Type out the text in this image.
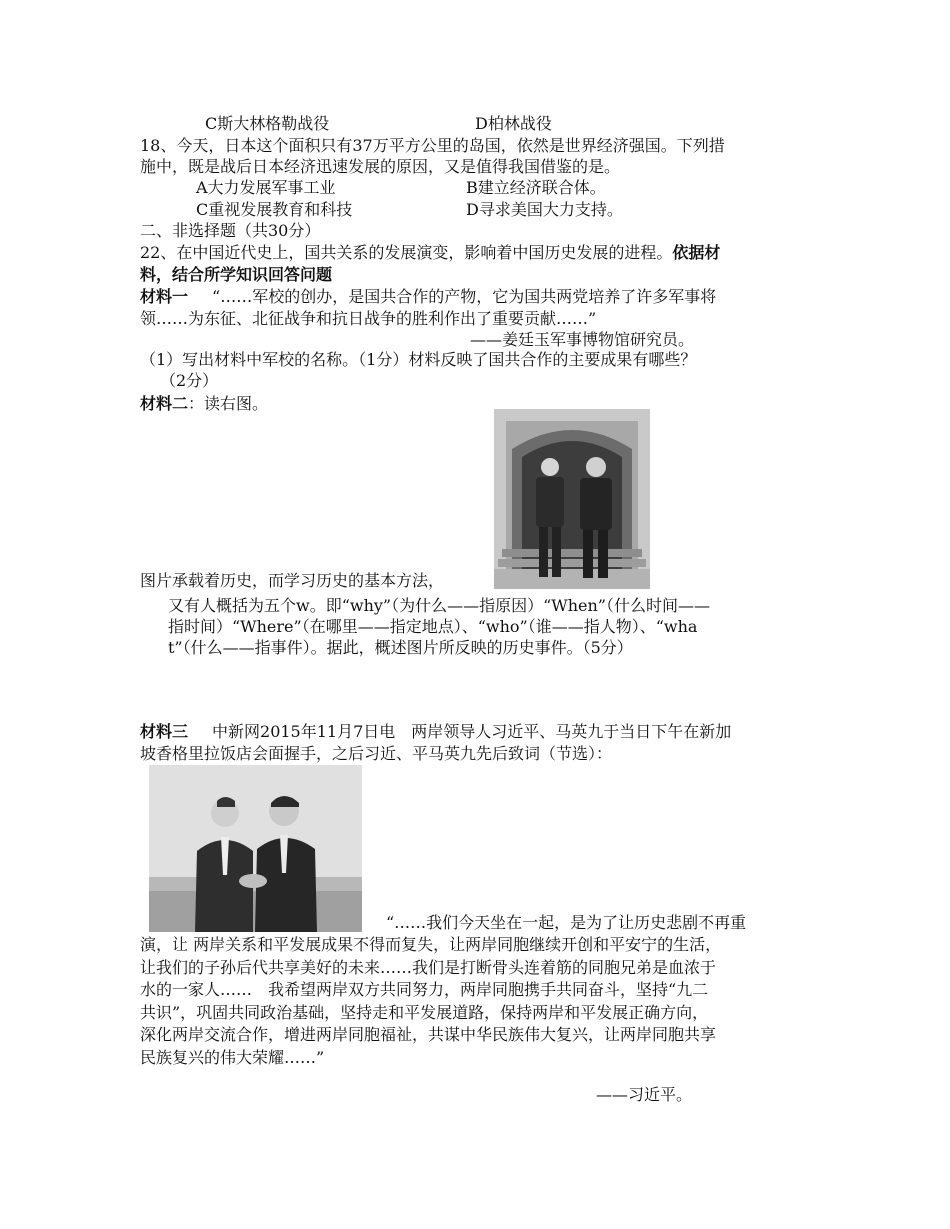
C斯大林格勒战役	D柏林战役
18、今天，日本这个面积只有37万平方公里的岛国，依然是世界经济强国。下列措
施中，既是战后日本经济迅速发展的原因，又是值得我国借鉴的是。
A大力发展军事工业	B建立经济联合体。
C重视发展教育和科技	D寻求美国大力支持。
二、非选择题（共30分）
22、在中国近代史上，国共关系的发展演变，影响着中国历史发展的进程。依据材
料，结合所学知识回答问题
材料一 “……军校的创办，是国共合作的产物，它为国共两党培养了许多军事将
领……为东征、北征战争和抗日战争的胜利作出了重要贡献……”
——姜廷玉军事博物馆研究员。
（1）写出材料中军校的名称。（1分）材料反映了国共合作的主要成果有哪些？
（2分）
材料二：读右图。
图片承载着历史，而学习历史的基本方法，
又有人概括为五个w。即“why”（为什么——指原因）“When”（什么时间——
指时间）“Where”（在哪里——指定地点）、“who”（谁——指人物）、“wha
t”（什么——指事件）。据此，概述图片所反映的历史事件。（5分）
材料三 中新网2015年11月7日电　两岸领导人习近平、马英九于当日下午在新加
坡香格里拉饭店会面握手，之后习近、平马英九先后致词（节选）：
“……我们今天坐在一起，是为了让历史悲剧不再重
演，让 两岸关系和平发展成果不得而复失，让两岸同胞继续开创和平安宁的生活，
让我们的子孙后代共享美好的未来……我们是打断骨头连着筋的同胞兄弟是血浓于
水的一家人……　我希望两岸双方共同努力，两岸同胞携手共同奋斗，坚持“九二
共识”，巩固共同政治基础，坚持走和平发展道路，保持两岸和平发展正确方向，
深化两岸交流合作，增进两岸同胞福祉，共谋中华民族伟大复兴，让两岸同胞共享
民族复兴的伟大荣耀……”
——习近平。
